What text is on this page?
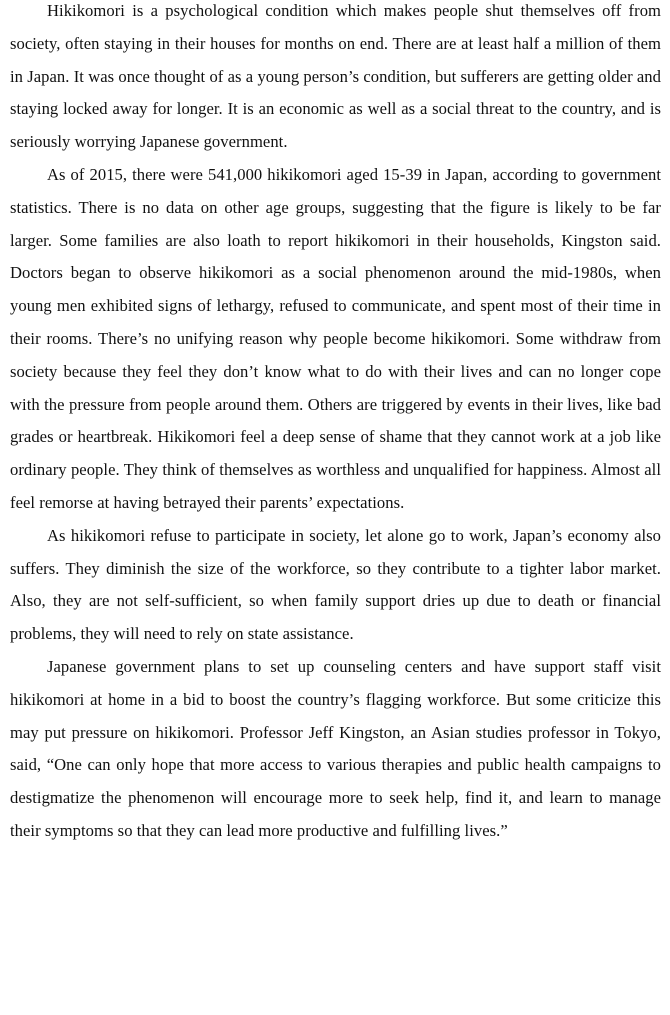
Hikikomori is a psychological condition which makes people shut themselves off from society, often staying in their houses for months on end. There are at least half a million of them in Japan. It was once thought of as a young person’s condition, but sufferers are getting older and staying locked away for longer. It is an economic as well as a social threat to the country, and is seriously worrying Japanese government.

As of 2015, there were 541,000 hikikomori aged 15-39 in Japan, according to government statistics. There is no data on other age groups, suggesting that the figure is likely to be far larger. Some families are also loath to report hikikomori in their households, Kingston said. Doctors began to observe hikikomori as a social phenomenon around the mid-1980s, when young men exhibited signs of lethargy, refused to communicate, and spent most of their time in their rooms. There’s no unifying reason why people become hikikomori. Some withdraw from society because they feel they don’t know what to do with their lives and can no longer cope with the pressure from people around them. Others are triggered by events in their lives, like bad grades or heartbreak. Hikikomori feel a deep sense of shame that they cannot work at a job like ordinary people. They think of themselves as worthless and unqualified for happiness. Almost all feel remorse at having betrayed their parents’ expectations.

As hikikomori refuse to participate in society, let alone go to work, Japan’s economy also suffers. They diminish the size of the workforce, so they contribute to a tighter labor market. Also, they are not self-sufficient, so when family support dries up due to death or financial problems, they will need to rely on state assistance.

Japanese government plans to set up counseling centers and have support staff visit hikikomori at home in a bid to boost the country’s flagging workforce. But some criticize this may put pressure on hikikomori. Professor Jeff Kingston, an Asian studies professor in Tokyo, said, “One can only hope that more access to various therapies and public health campaigns to destigmatize the phenomenon will encourage more to seek help, find it, and learn to manage their symptoms so that they can lead more productive and fulfilling lives.”
